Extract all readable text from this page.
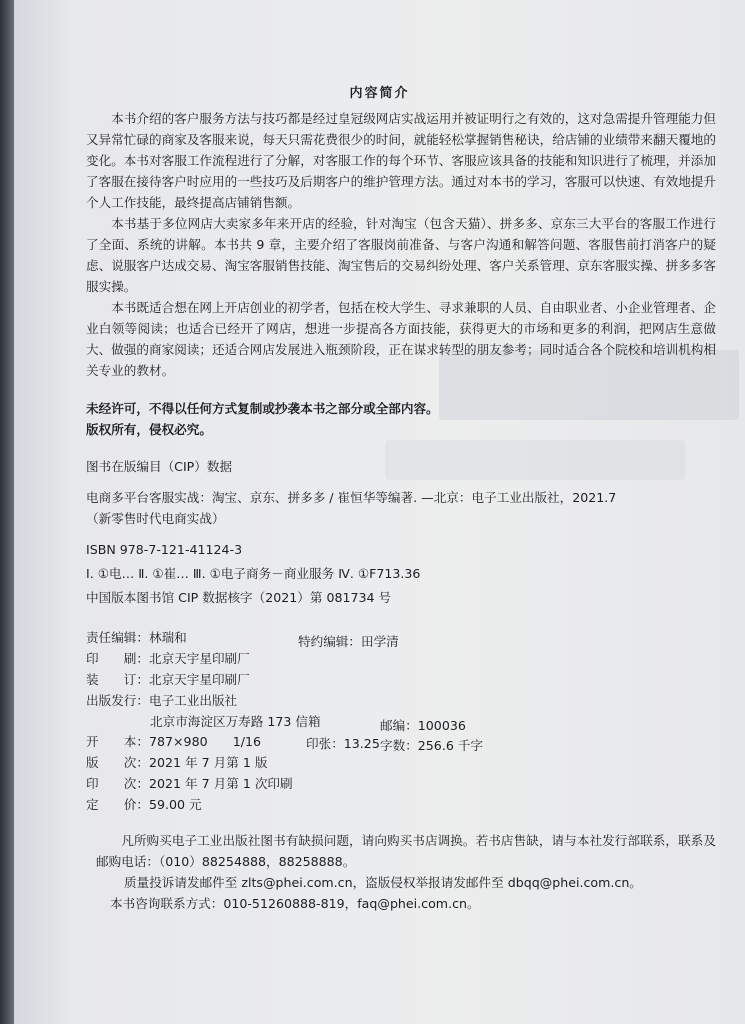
内容简介

本书介绍的客户服务方法与技巧都是经过皇冠级网店实战运用并被证明行之有效的，这对急需提升管理能力但又异常忙碌的商家及客服来说，每天只需花费很少的时间，就能轻松掌握销售秘诀，给店铺的业绩带来翻天覆地的变化。本书对客服工作流程进行了分解，对客服工作的每个环节、客服应该具备的技能和知识进行了梳理，并添加了客服在接待客户时应用的一些技巧及后期客户的维护管理方法。通过对本书的学习，客服可以快速、有效地提升个人工作技能，最终提高店铺销售额。

本书基于多位网店大卖家多年来开店的经验，针对淘宝（包含天猫）、拼多多、京东三大平台的客服工作进行了全面、系统的讲解。本书共 9 章，主要介绍了客服岗前准备、与客户沟通和解答问题、客服售前打消客户的疑虑、说服客户达成交易、淘宝客服销售技能、淘宝售后的交易纠纷处理、客户关系管理、京东客服实操、拼多多客服实操。

本书既适合想在网上开店创业的初学者，包括在校大学生、寻求兼职的人员、自由职业者、小企业管理者、企业白领等阅读；也适合已经开了网店，想进一步提高各方面技能，获得更大的市场和更多的利润，把网店生意做大、做强的商家阅读；还适合网店发展进入瓶颈阶段，正在谋求转型的朋友参考；同时适合各个院校和培训机构相关专业的教材。

未经许可，不得以任何方式复制或抄袭本书之部分或全部内容。

版权所有，侵权必究。

图书在版编目（CIP）数据

电商多平台客服实战：淘宝、京东、拼多多 / 崔恒华等编著. —北京：电子工业出版社，2021.7

（新零售时代电商实战）

ISBN 978-7-121-41124-3

Ⅰ. ①电… Ⅱ. ①崔… Ⅲ. ①电子商务－商业服务 Ⅳ. ①F713.36

中国版本图书馆 CIP 数据核字（2021）第 081734 号

责任编辑：林瑞和	特约编辑：田学清

印　　刷：北京天宇星印刷厂

装　　订：北京天宇星印刷厂

出版发行：电子工业出版社

北京市海淀区万寿路 173 信箱	邮编：100036

开　　本：787×980　　1/16	印张：13.25 字数：256.6 千字

版　　次：2021 年 7 月第 1 版

印　　次：2021 年 7 月第 1 次印刷

定　　价：59.00 元

凡所购买电子工业出版社图书有缺损问题，请向购买书店调换。若书店售缺，请与本社发行部联系，联系及邮购电话：（010）88254888，88258888。

质量投诉请发邮件至 zlts@phei.com.cn，盗版侵权举报请发邮件至 dbqq@phei.com.cn。

本书咨询联系方式：010-51260888-819，faq@phei.com.cn。
